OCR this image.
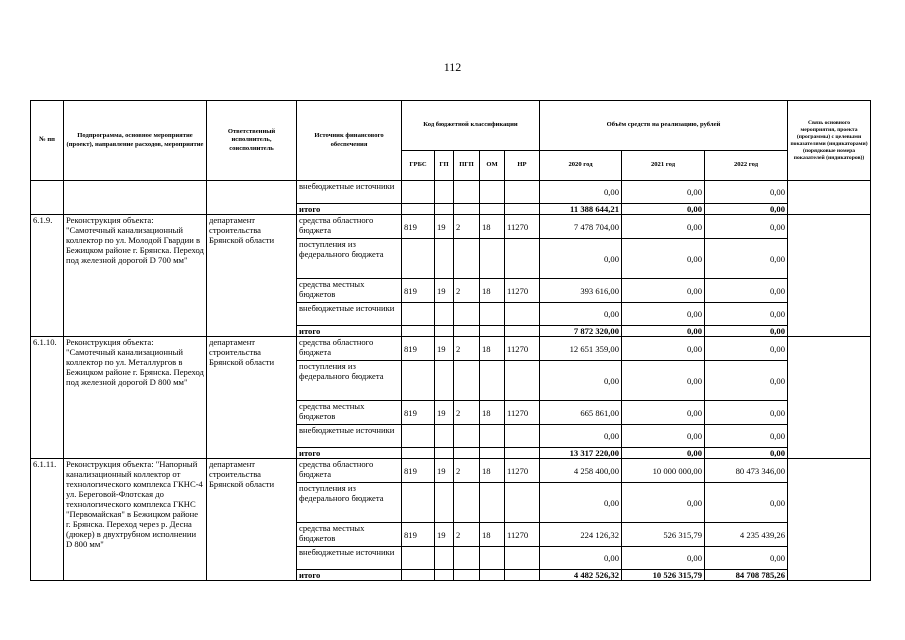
112
№ пп	Подпрограмма, основное мероприятие (проект), направление расходов, мероприятие	Ответственный исполнитель, соисполнитель	Источник финансового обеспечения	Код бюджетной классификации					Объём средств на реализацию, рублей			Связь основного мероприятия, проекта (программы) с целевыми показателями (индикаторами) (порядковые номера показателей (индикаторов))
				ГРБС	ГП	ПГП	ОМ	НР	2020 год	2021 год	2022 год	
			внебюджетные источники						0,00	0,00	0,00	
			итого						11 388 644,21	0,00	0,00	
6.1.9.	Реконструкция объекта: "Самотечный канализационный коллектор по ул. Молодой Гвардии в Бежицком районе г. Брянска. Переход под железной дорогой D 700 мм"	департамент строительства Брянской области	средства областного бюджета	819	19	2	18	11270	7 478 704,00	0,00	0,00	
			поступления из федерального бюджета						0,00	0,00	0,00	
			средства местных бюджетов	819	19	2	18	11270	393 616,00	0,00	0,00	
			внебюджетные источники						0,00	0,00	0,00	
			итого						7 872 320,00	0,00	0,00	
6.1.10.	Реконструкция объекта: "Самотечный канализационный коллектор по ул. Металлургов в Бежицком районе г. Брянска. Переход под железной дорогой D 800 мм"	департамент строительства Брянской области	средства областного бюджета	819	19	2	18	11270	12 651 359,00	0,00	0,00	
			поступления из федерального бюджета						0,00	0,00	0,00	
			средства местных бюджетов	819	19	2	18	11270	665 861,00	0,00	0,00	
			внебюджетные источники						0,00	0,00	0,00	
			итого						13 317 220,00	0,00	0,00	
6.1.11.	Реконструкция объекта: "Напорный канализационный коллектор от технологического комплекса ГКНС-4 ул. Береговой-Флотская до технологического комплекса ГКНС "Первомайская" в Бежицком районе г. Брянска. Переход через р. Десна (дюкер) в двухтрубном исполнении D 800 мм"	департамент строительства Брянской области	средства областного бюджета	819	19	2	18	11270	4 258 400,00	10 000 000,00	80 473 346,00	
			поступления из федерального бюджета						0,00	0,00	0,00	
			средства местных бюджетов	819	19	2	18	11270	224 126,32	526 315,79	4 235 439,26	
			внебюджетные источники						0,00	0,00	0,00	
			итого						4 482 526,32	10 526 315,79	84 708 785,26	
